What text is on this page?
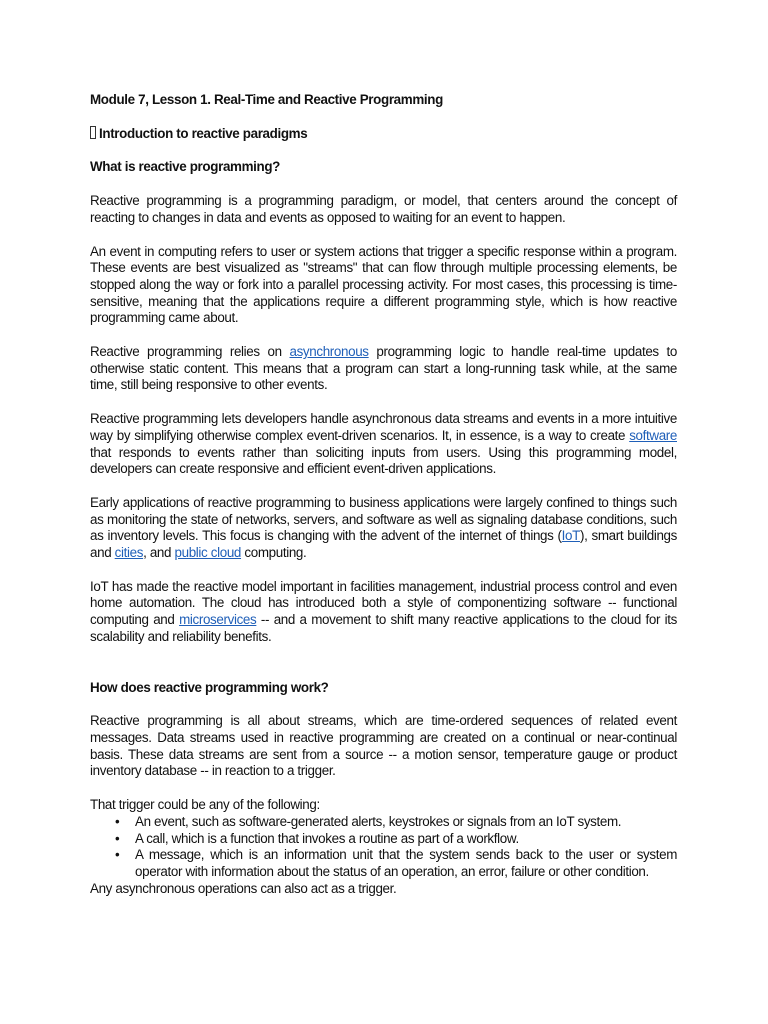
Module 7, Lesson 1. Real-Time and Reactive Programming

Introduction to reactive paradigms

What is reactive programming?

Reactive programming is a programming paradigm, or model, that centers around the concept of reacting to changes in data and events as opposed to waiting for an event to happen.

An event in computing refers to user or system actions that trigger a specific response within a program. These events are best visualized as "streams" that can flow through multiple processing elements, be stopped along the way or fork into a parallel processing activity. For most cases, this processing is time-sensitive, meaning that the applications require a different programming style, which is how reactive programming came about.

Reactive programming relies on asynchronous programming logic to handle real-time updates to otherwise static content. This means that a program can start a long-running task while, at the same time, still being responsive to other events.

Reactive programming lets developers handle asynchronous data streams and events in a more intuitive way by simplifying otherwise complex event-driven scenarios. It, in essence, is a way to create software that responds to events rather than soliciting inputs from users. Using this programming model, developers can create responsive and efficient event-driven applications.

Early applications of reactive programming to business applications were largely confined to things such as monitoring the state of networks, servers, and software as well as signaling database conditions, such as inventory levels. This focus is changing with the advent of the internet of things (IoT), smart buildings and cities, and public cloud computing.

IoT has made the reactive model important in facilities management, industrial process control and even home automation. The cloud has introduced both a style of componentizing software -- functional computing and microservices -- and a movement to shift many reactive applications to the cloud for its scalability and reliability benefits.

How does reactive programming work?

Reactive programming is all about streams, which are time-ordered sequences of related event messages. Data streams used in reactive programming are created on a continual or near-continual basis. These data streams are sent from a source -- a motion sensor, temperature gauge or product inventory database -- in reaction to a trigger.

That trigger could be any of the following:

• An event, such as software-generated alerts, keystrokes or signals from an IoT system.
• A call, which is a function that invokes a routine as part of a workflow.
• A message, which is an information unit that the system sends back to the user or system operator with information about the status of an operation, an error, failure or other condition.

Any asynchronous operations can also act as a trigger.
